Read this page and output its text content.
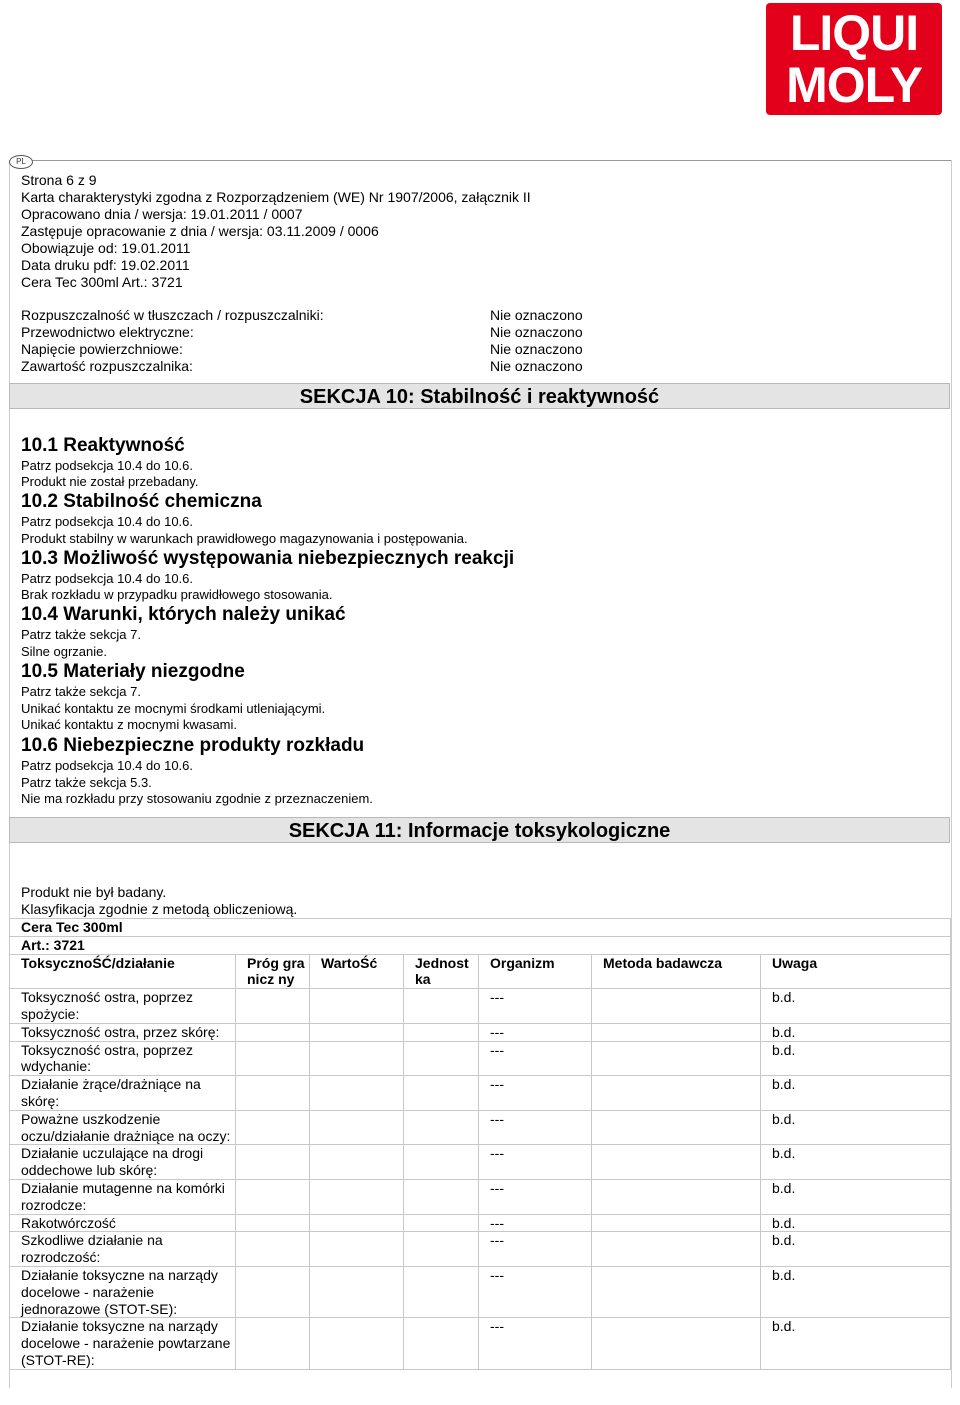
LIQUI
MOLY
PL
Strona 6 z 9
Karta charakterystyki zgodna z Rozporządzeniem (WE) Nr 1907/2006, załącznik II
Opracowano dnia / wersja: 19.01.2011 / 0007
Zastępuje opracowanie z dnia / wersja: 03.11.2009 / 0006
Obowiązuje od: 19.01.2011
Data druku pdf: 19.02.2011
Cera Tec 300ml Art.: 3721
Rozpuszczalność w tłuszczach / rozpuszczalniki:	Nie oznaczono
Przewodnictwo elektryczne:	Nie oznaczono
Napięcie powierzchniowe:	Nie oznaczono
Zawartość rozpuszczalnika:	Nie oznaczono
SEKCJA 10: Stabilność i reaktywność
10.1 Reaktywność
Patrz podsekcja 10.4 do 10.6.
Produkt nie został przebadany.
10.2 Stabilność chemiczna
Patrz podsekcja 10.4 do 10.6.
Produkt stabilny w warunkach prawidłowego magazynowania i postępowania.
10.3 Możliwość występowania niebezpiecznych reakcji
Patrz podsekcja 10.4 do 10.6.
Brak rozkładu w przypadku prawidłowego stosowania.
10.4 Warunki, których należy unikać
Patrz także sekcja 7.
Silne ogrzanie.
10.5 Materiały niezgodne
Patrz także sekcja 7.
Unikać kontaktu ze mocnymi środkami utleniającymi.
Unikać kontaktu z mocnymi kwasami.
10.6 Niebezpieczne produkty rozkładu
Patrz podsekcja 10.4 do 10.6.
Patrz także sekcja 5.3.
Nie ma rozkładu przy stosowaniu zgodnie z przeznaczeniem.
SEKCJA 11: Informacje toksykologiczne
Produkt nie był badany.
Klasyfikacja zgodnie z metodą obliczeniową.
Cera Tec 300ml						
Art.: 3721						
ToksycznoŚĆ/działanie	Próg granicz ny	WartoŚć	Jednost ka	Organizm	Metoda badawcza	Uwaga
Toksyczność ostra, poprzez spożycie:				---		b.d.
Toksyczność ostra, przez skórę:				---		b.d.
Toksyczność ostra, poprzez wdychanie:				---		b.d.
Działanie żrące/drażniące na skórę:				---		b.d.
Poważne uszkodzenie oczu/działanie drażniące na oczy:				---		b.d.
Działanie uczulające na drogi oddechowe lub skórę:				---		b.d.
Działanie mutagenne na komórki rozrodcze:				---		b.d.
Rakotwórczość				---		b.d.
Szkodliwe działanie na rozrodczość:				---		b.d.
Działanie toksyczne na narządy docelowe - narażenie jednorazowe (STOT-SE):				---		b.d.
Działanie toksyczne na narządy docelowe - narażenie powtarzane (STOT-RE):				---		b.d.
